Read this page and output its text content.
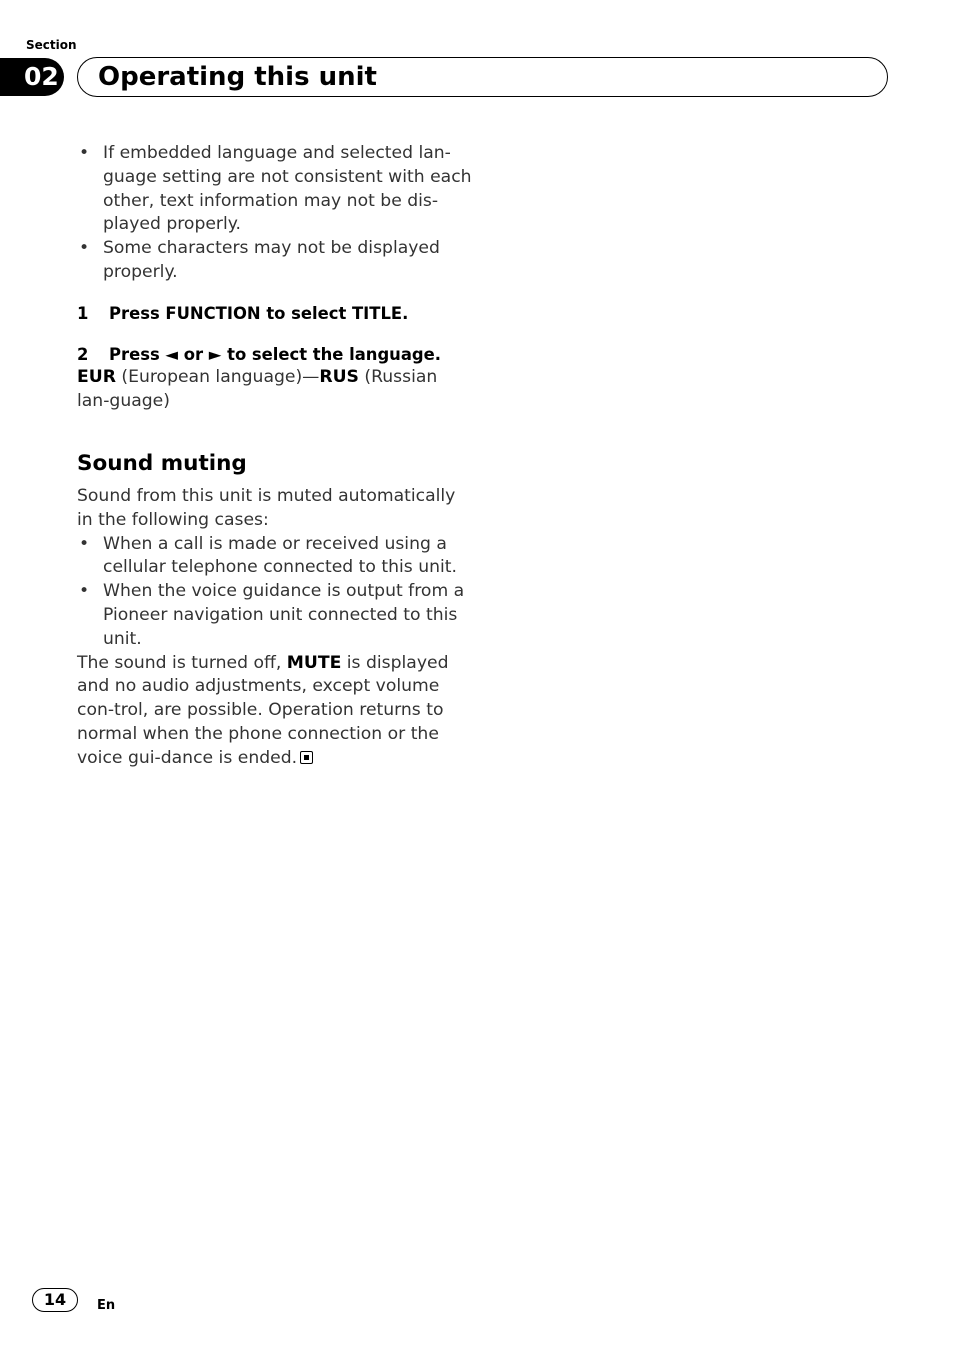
Section
02 Operating this unit
• If embedded language and selected lan-guage setting are not consistent with each other, text information may not be dis-played properly.
• Some characters may not be displayed properly.
1 Press FUNCTION to select TITLE.
2 Press ◄ or ► to select the language.
EUR (European language)—RUS (Russian lan-guage)
Sound muting
Sound from this unit is muted automatically in the following cases:
• When a call is made or received using a cellular telephone connected to this unit.
• When the voice guidance is output from a Pioneer navigation unit connected to this unit.
The sound is turned off, MUTE is displayed and no audio adjustments, except volume con-trol, are possible. Operation returns to normal when the phone connection or the voice gui-dance is ended.
14	En
